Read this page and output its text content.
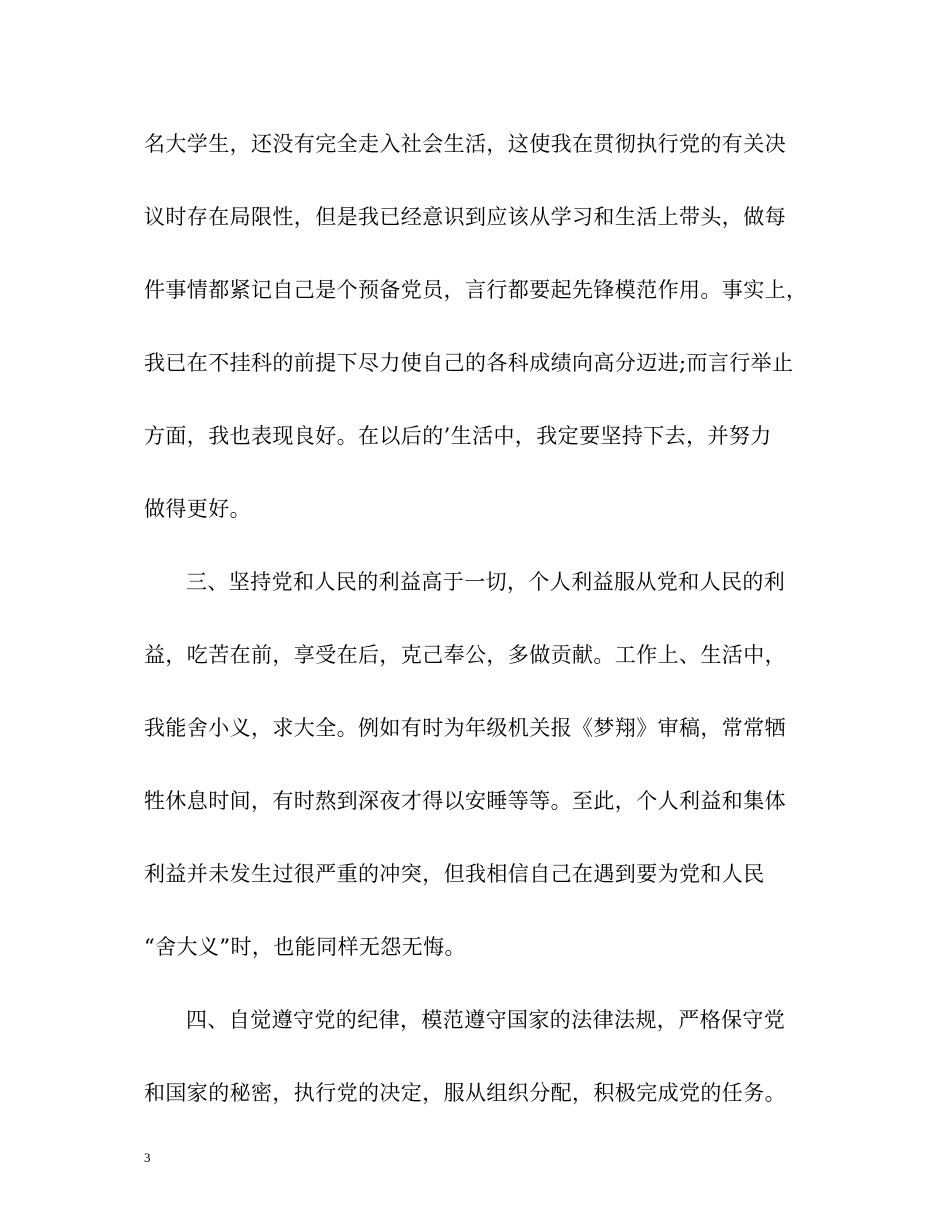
名大学生，还没有完全走入社会生活，这使我在贯彻执行党的有关决
议时存在局限性，但是我已经意识到应该从学习和生活上带头，做每
件事情都紧记自己是个预备党员，言行都要起先锋模范作用。事实上，
我已在不挂科的前提下尽力使自己的各科成绩向高分迈进;而言行举止
方面，我也表现良好。在以后的’生活中，我定要坚持下去，并努力
做得更好。
三、坚持党和人民的利益高于一切，个人利益服从党和人民的利
益，吃苦在前，享受在后，克己奉公，多做贡献。工作上、生活中，
我能舍小义，求大全。例如有时为年级机关报《梦翔》审稿，常常牺
牲休息时间，有时熬到深夜才得以安睡等等。至此，个人利益和集体
利益并未发生过很严重的冲突，但我相信自己在遇到要为党和人民
“舍大义”时，也能同样无怨无悔。
四、自觉遵守党的纪律，模范遵守国家的法律法规，严格保守党
和国家的秘密，执行党的决定，服从组织分配，积极完成党的任务。
3
